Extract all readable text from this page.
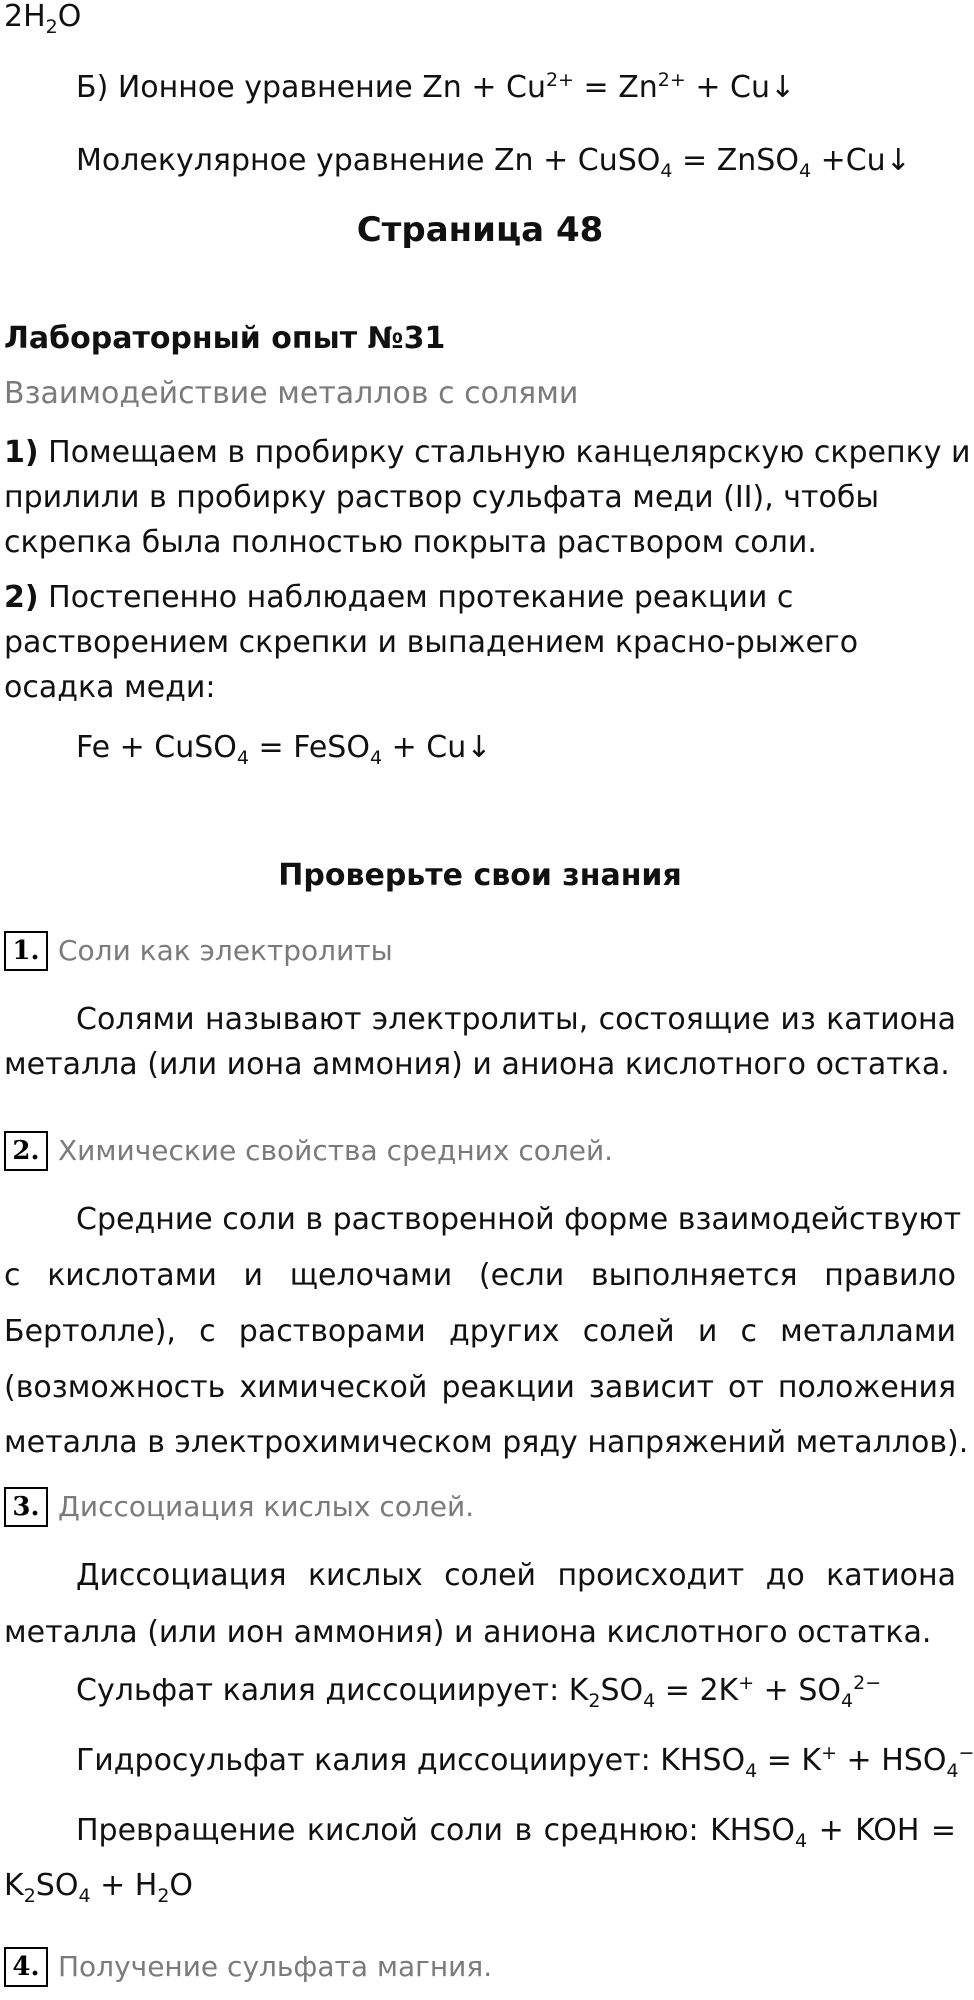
$2H_2O$

Б) Ионное уравнение $Zn + Cu^{2+} = Zn^{2+}$ + Cu↓

Молекулярное уравнение Zn + CuSO$_4$ = ZnSO$_4$ +Cu↓

Страница 48

Лабораторный опыт №31

Взаимодействие металлов с солями

1) Помещаем в пробирку стальную канцелярскую скрепку и

прилили в пробирку раствор сульфата меди (II), чтобы

скрепка была полностью покрыта раствором соли.

2) Постепенно наблюдаем протекание реакции с

растворением скрепки и выпадением красно-рыжего

осадка меди:

Fe + CuSO$_4$ = FeSO$_4$ + Cu↓

Проверьте свои знания

1. Соли как электролиты

Солями называют электролиты, состоящие из катиона

металла (или иона аммония) и аниона кислотного остатка.

2. Химические свойства средних солей.

Средние соли в растворенной форме взаимодействуют

с кислотами и щелочами (если выполняется правило

Бертолле), с растворами других солей и с металлами

(возможность химической реакции зависит от положения

металла в электрохимическом ряду напряжений металлов).

3. Диссоциация кислых солей.

Диссоциация кислых солей происходит до катиона

металла (или ион аммония) и аниона кислотного остатка.

Сульфат калия диссоциирует: $K_2SO_4 = 2K^+ + SO_4^{2-}$

Гидросульфат калия диссоциирует: $KHSO_4 = K^+ + HSO_4^-$

Превращение кислой соли в среднюю: $KHSO_4$ + KOH =

$K_2SO_4 + H_2O$

4. Получение сульфата магния.
